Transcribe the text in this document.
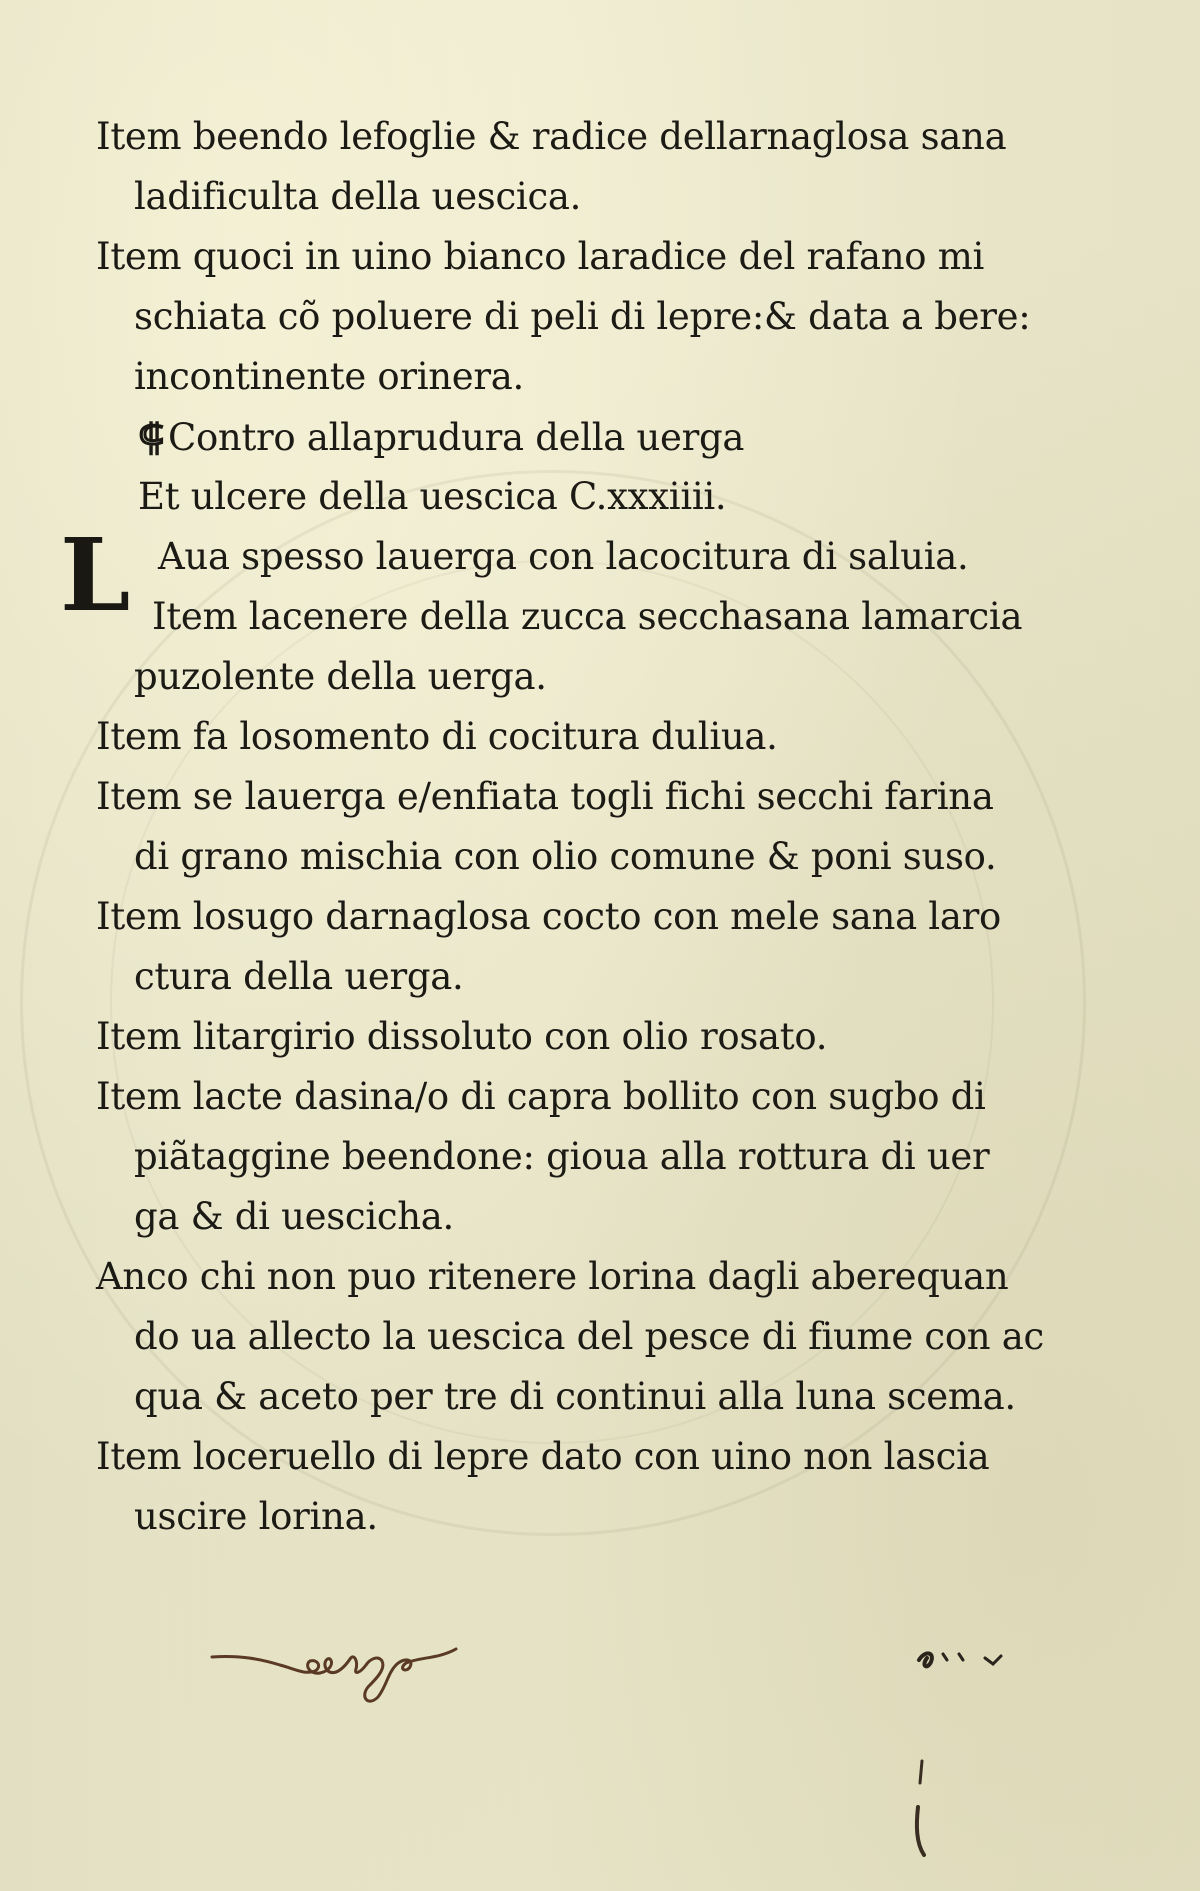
L
Item beendo lefoglie & radice dellarnaglosa sana
ladificulta della uescica.
Item quoci in uino bianco laradice del rafano mi
schiata cõ poluere di peli di lepre:& data a bere:
incontinente orinera.
⸿ Contro allaprudura della uerga
Et ulcere della uescica C.xxxiiii.
Aua spesso lauerga con lacocitura di saluia.
Item lacenere della zucca secchasana lamarcia
puzolente della uerga.
Item fa losomento di cocitura duliua.
Item se lauerga e/enfiata togli fichi secchi farina
di grano mischia con olio comune & poni suso.
Item losugo darnaglosa cocto con mele sana laro
ctura della uerga.
Item litargirio dissoluto con olio rosato.
Item lacte dasina/o di capra bollito con sugbo di
piãtaggine beendone: gioua alla rottura di uer
ga & di uescicha.
Anco chi non puo ritenere lorina dagli aberequan
do ua allecto la uescica del pesce di fiume con ac
qua & aceto per tre di continui alla luna scema.
Item loceruello di lepre dato con uino non lascia
uscire lorina.
